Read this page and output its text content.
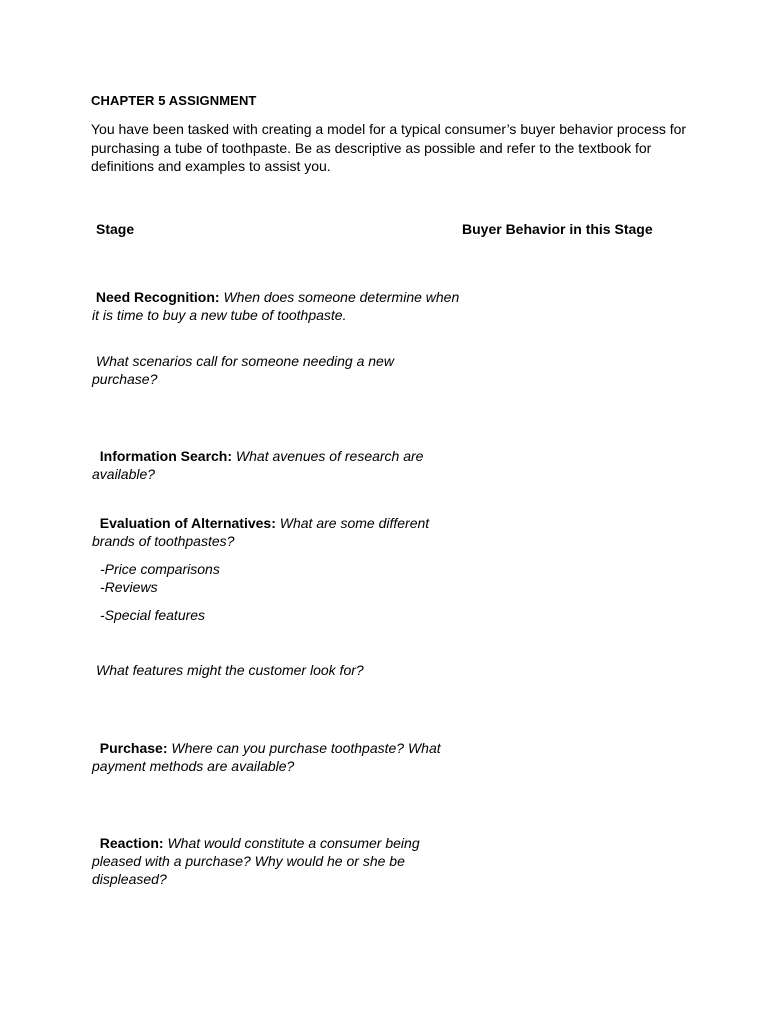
CHAPTER 5 ASSIGNMENT
You have been tasked with creating a model for a typical consumer’s buyer behavior process for purchasing a tube of toothpaste. Be as descriptive as possible and refer to the textbook for definitions and examples to assist you.
Stage	Buyer Behavior in this Stage
Need Recognition: When does someone determine when it is time to buy a new tube of toothpaste.
What scenarios call for someone needing a new purchase?
Information Search: What avenues of research are available?
Evaluation of Alternatives: What are some different brands of toothpastes?
-Price comparisons
-Reviews
-Special features
What features might the customer look for?
Purchase: Where can you purchase toothpaste? What payment methods are available?
Reaction: What would constitute a consumer being pleased with a purchase? Why would he or she be displeased?
